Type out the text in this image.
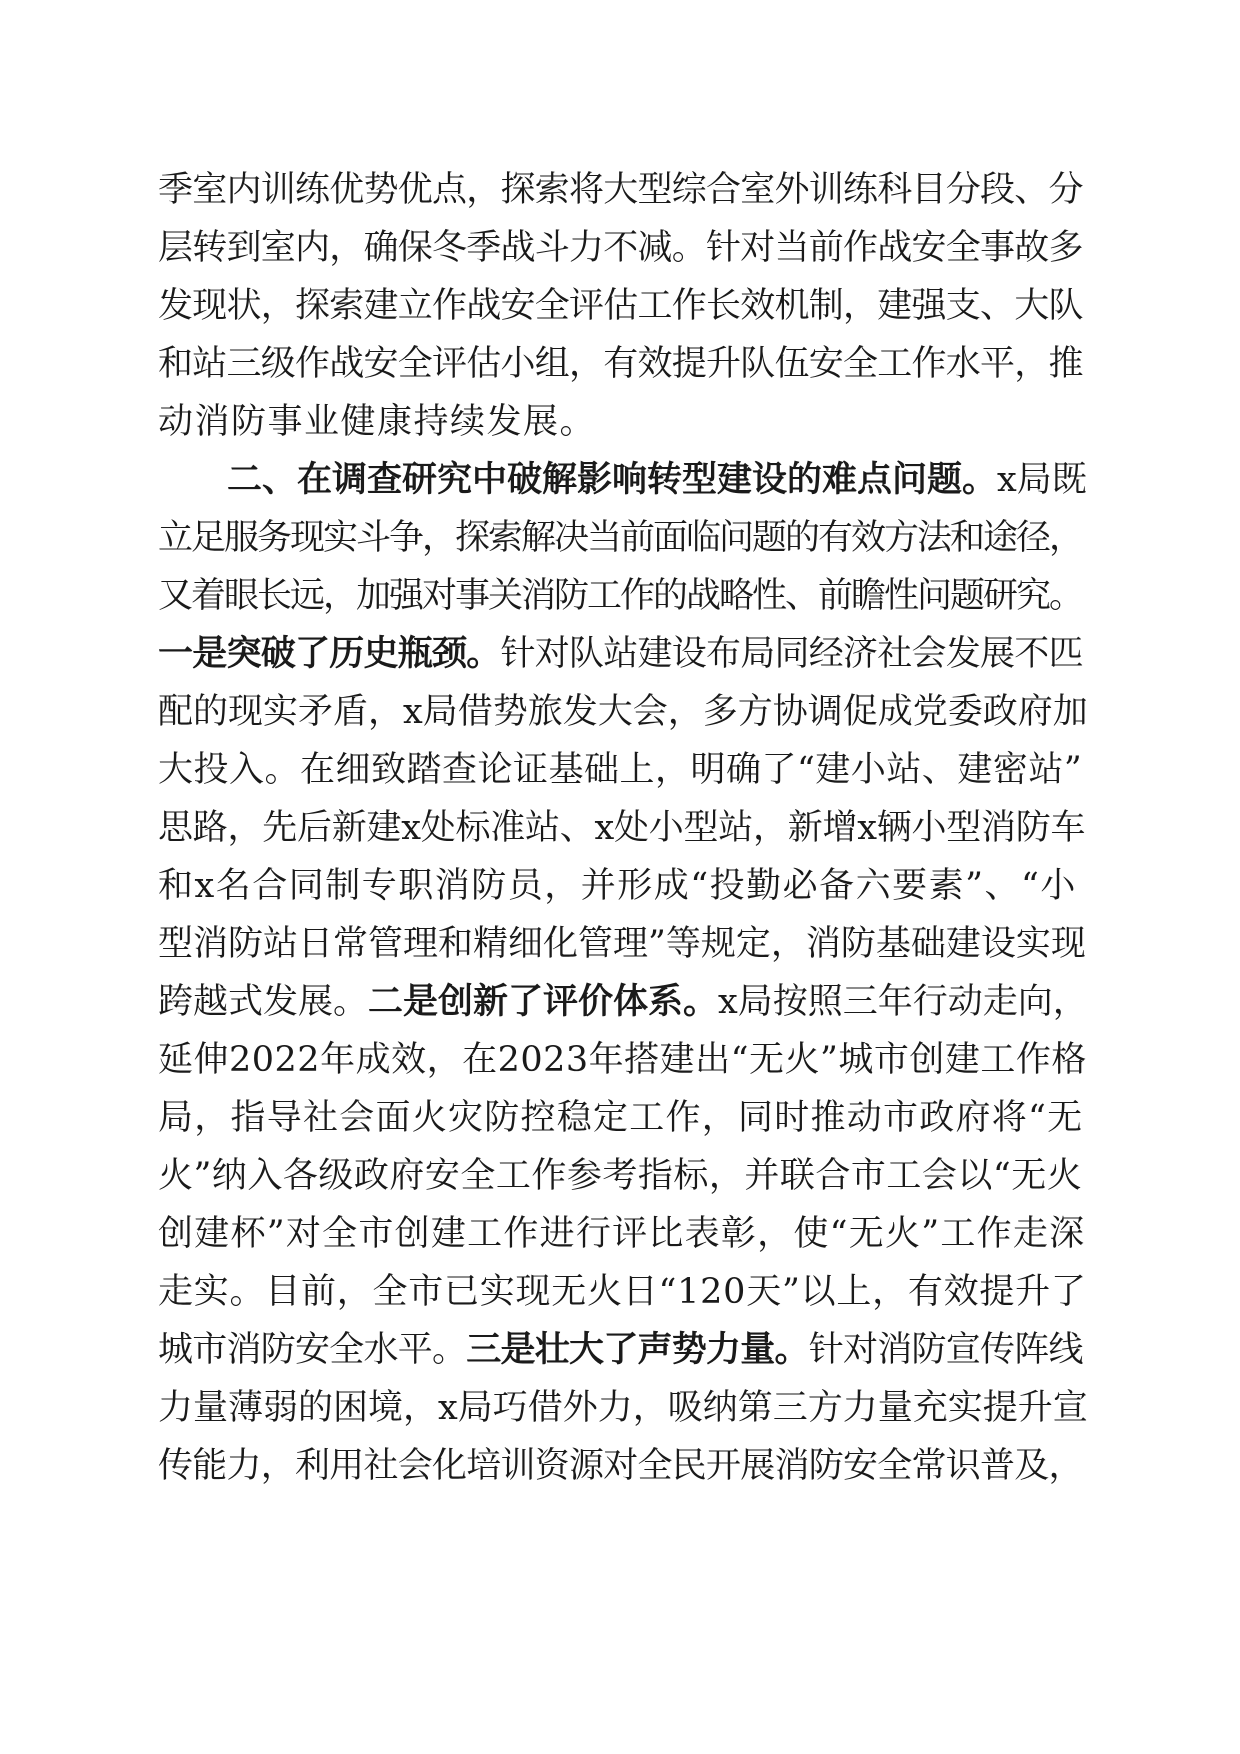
季室内训练优势优点，探索将大型综合室外训练科目分段、分
层转到室内，确保冬季战斗力不减。针对当前作战安全事故多
发现状，探索建立作战安全评估工作长效机制，建强支、大队
和站三级作战安全评估小组，有效提升队伍安全工作水平，推
动消防事业健康持续发展。
二、在调查研究中破解影响转型建设的难点问题。x局既
立足服务现实斗争，探索解决当前面临问题的有效方法和途径，
又着眼长远，加强对事关消防工作的战略性、前瞻性问题研究。
一是突破了历史瓶颈。针对队站建设布局同经济社会发展不匹
配的现实矛盾，x局借势旅发大会，多方协调促成党委政府加
大投入。在细致踏查论证基础上，明确了“建小站、建密站”
思路，先后新建x处标准站、x处小型站，新增x辆小型消防车
和x名合同制专职消防员，并形成“投勤必备六要素”、“小
型消防站日常管理和精细化管理”等规定，消防基础建设实现
跨越式发展。二是创新了评价体系。x局按照三年行动走向，
延伸2022年成效，在2023年搭建出“无火”城市创建工作格
局，指导社会面火灾防控稳定工作，同时推动市政府将“无
火”纳入各级政府安全工作参考指标，并联合市工会以“无火
创建杯”对全市创建工作进行评比表彰，使“无火”工作走深
走实。目前，全市已实现无火日“120天”以上，有效提升了
城市消防安全水平。三是壮大了声势力量。针对消防宣传阵线
力量薄弱的困境，x局巧借外力，吸纳第三方力量充实提升宣
传能力，利用社会化培训资源对全民开展消防安全常识普及，
